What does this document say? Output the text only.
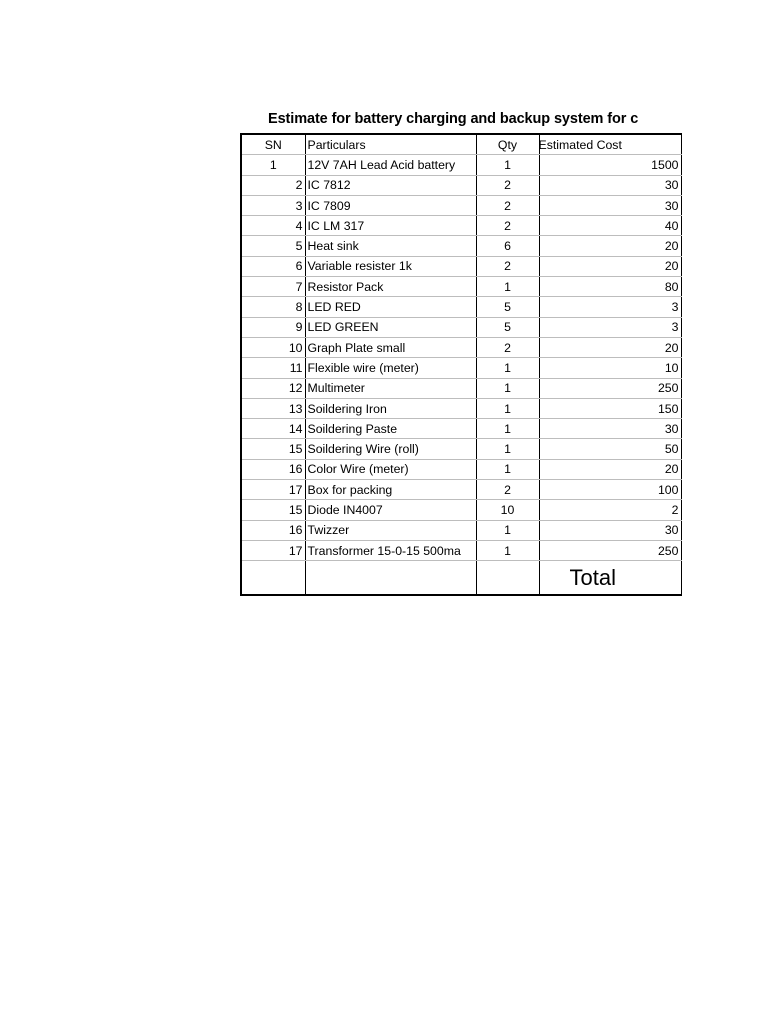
Estimate for battery charging and backup system for c
SN	Particulars	Qty	Estimated Cost
1	12V 7AH Lead Acid battery	1	1500
2	IC 7812	2	30
3	IC 7809	2	30
4	IC LM 317	2	40
5	Heat sink	6	20
6	Variable resister 1k	2	20
7	Resistor Pack	1	80
8	LED RED	5	3
9	LED GREEN	5	3
10	Graph Plate small	2	20
11	Flexible wire (meter)	1	10
12	Multimeter	1	250
13	Soildering Iron	1	150
14	Soildering Paste	1	30
15	Soildering Wire (roll)	1	50
16	Color Wire (meter)	1	20
17	Box for packing	2	100
15	Diode IN4007	10	2
16	Twizzer	1	30
17	Transformer 15-0-15 500ma	1	250
			Total
